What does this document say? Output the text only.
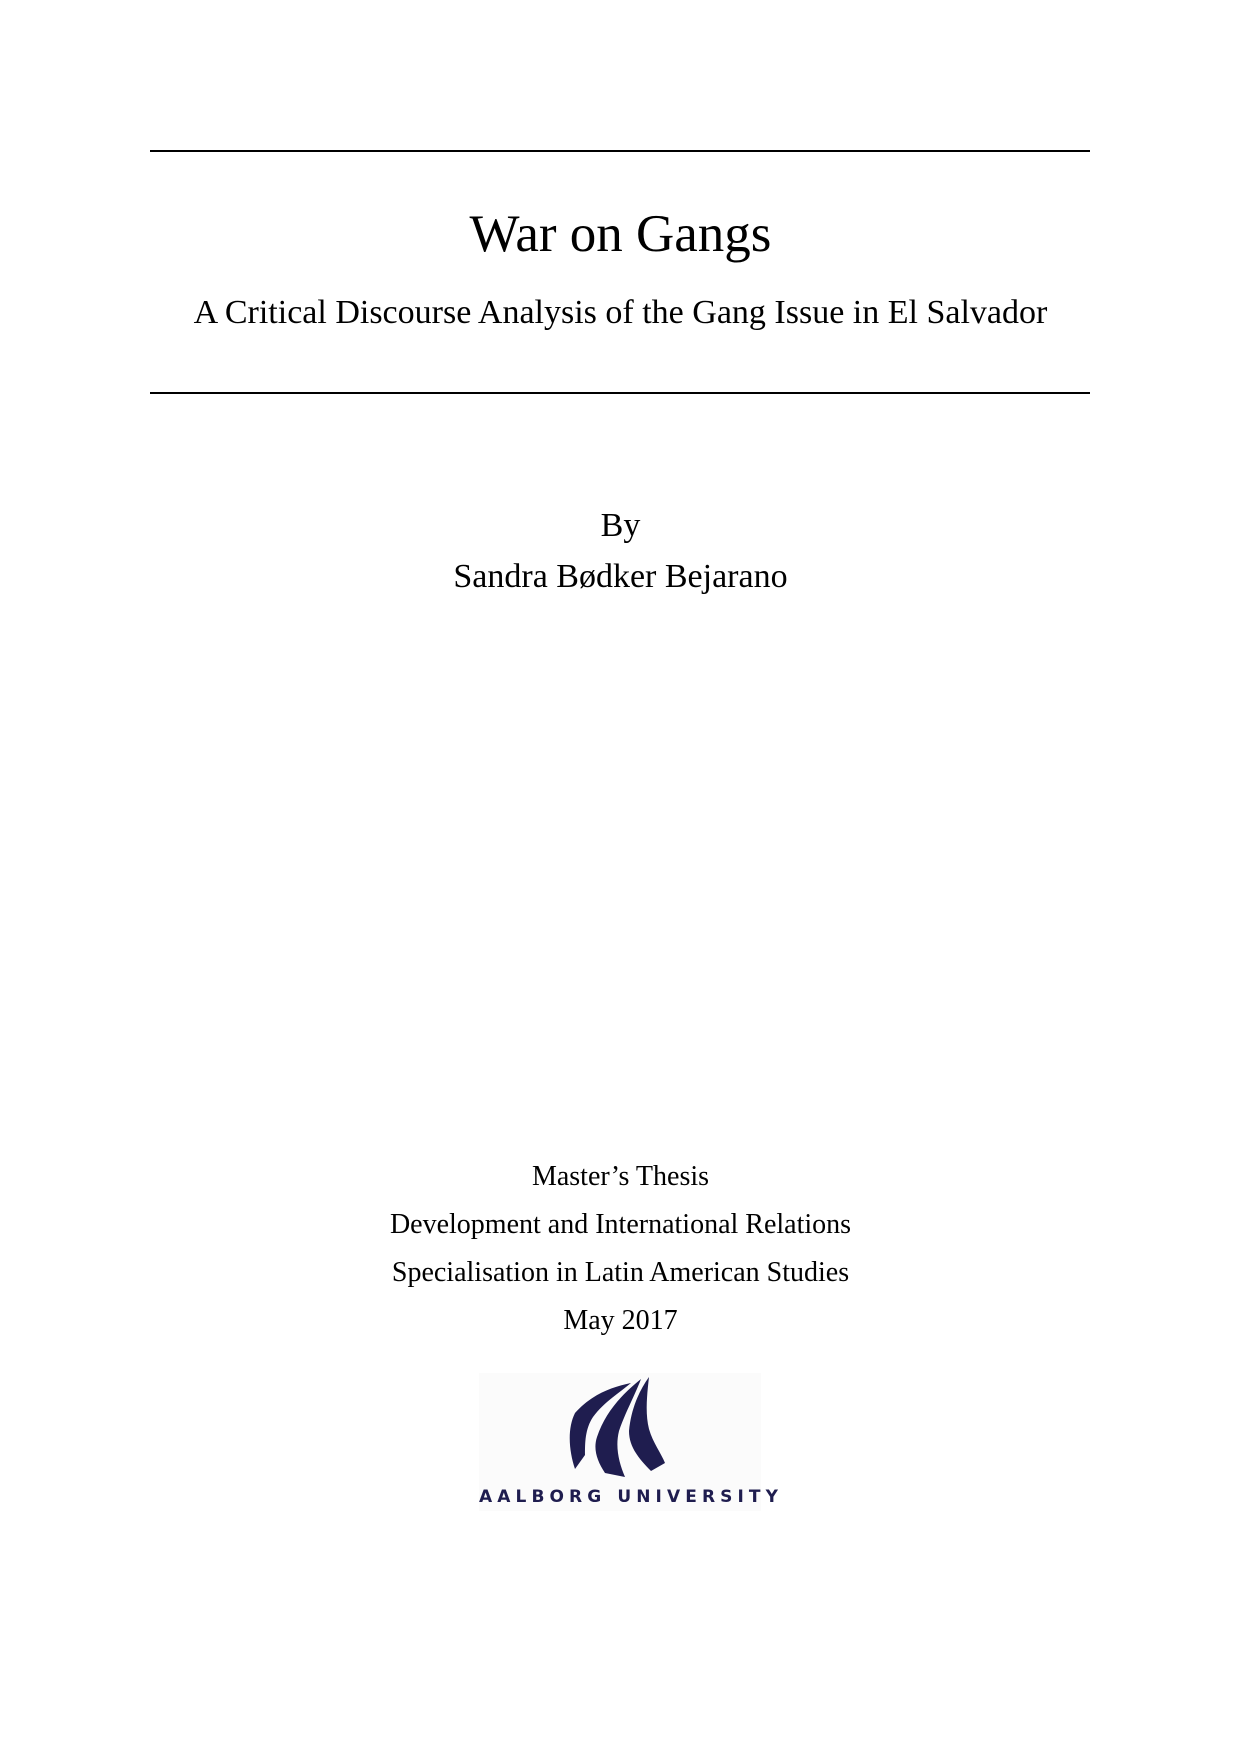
War on Gangs
A Critical Discourse Analysis of the Gang Issue in El Salvador
By
Sandra Bødker Bejarano
Master’s Thesis
Development and International Relations
Specialisation in Latin American Studies
May 2017
AALBORG UNIVERSITY
